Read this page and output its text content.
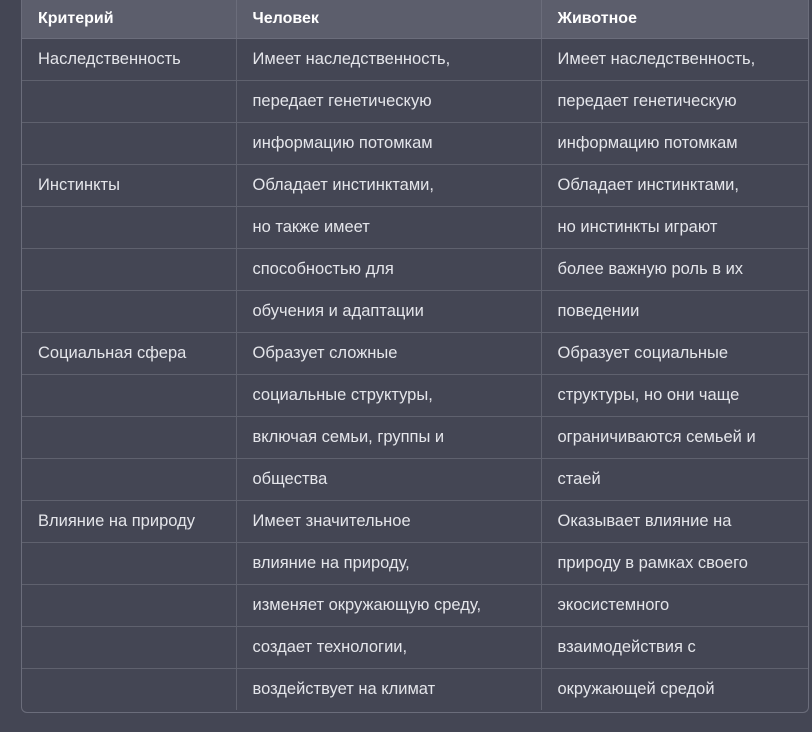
Критерий	Человек	Животное
Наследственность	Имеет наследственность,	Имеет наследственность,
	передает генетическую	передает генетическую
	информацию потомкам	информацию потомкам
Инстинкты	Обладает инстинктами,	Обладает инстинктами,
	но также имеет	но инстинкты играют
	способностью для	более важную роль в их
	обучения и адаптации	поведении
Социальная сфера	Образует сложные	Образует социальные
	социальные структуры,	структуры, но они чаще
	включая семьи, группы и	ограничиваются семьей и
	общества	стаей
Влияние на природу	Имеет значительное	Оказывает влияние на
	влияние на природу,	природу в рамках своего
	изменяет окружающую среду,	экосистемного
	создает технологии,	взаимодействия с
	воздействует на климат	окружающей средой
